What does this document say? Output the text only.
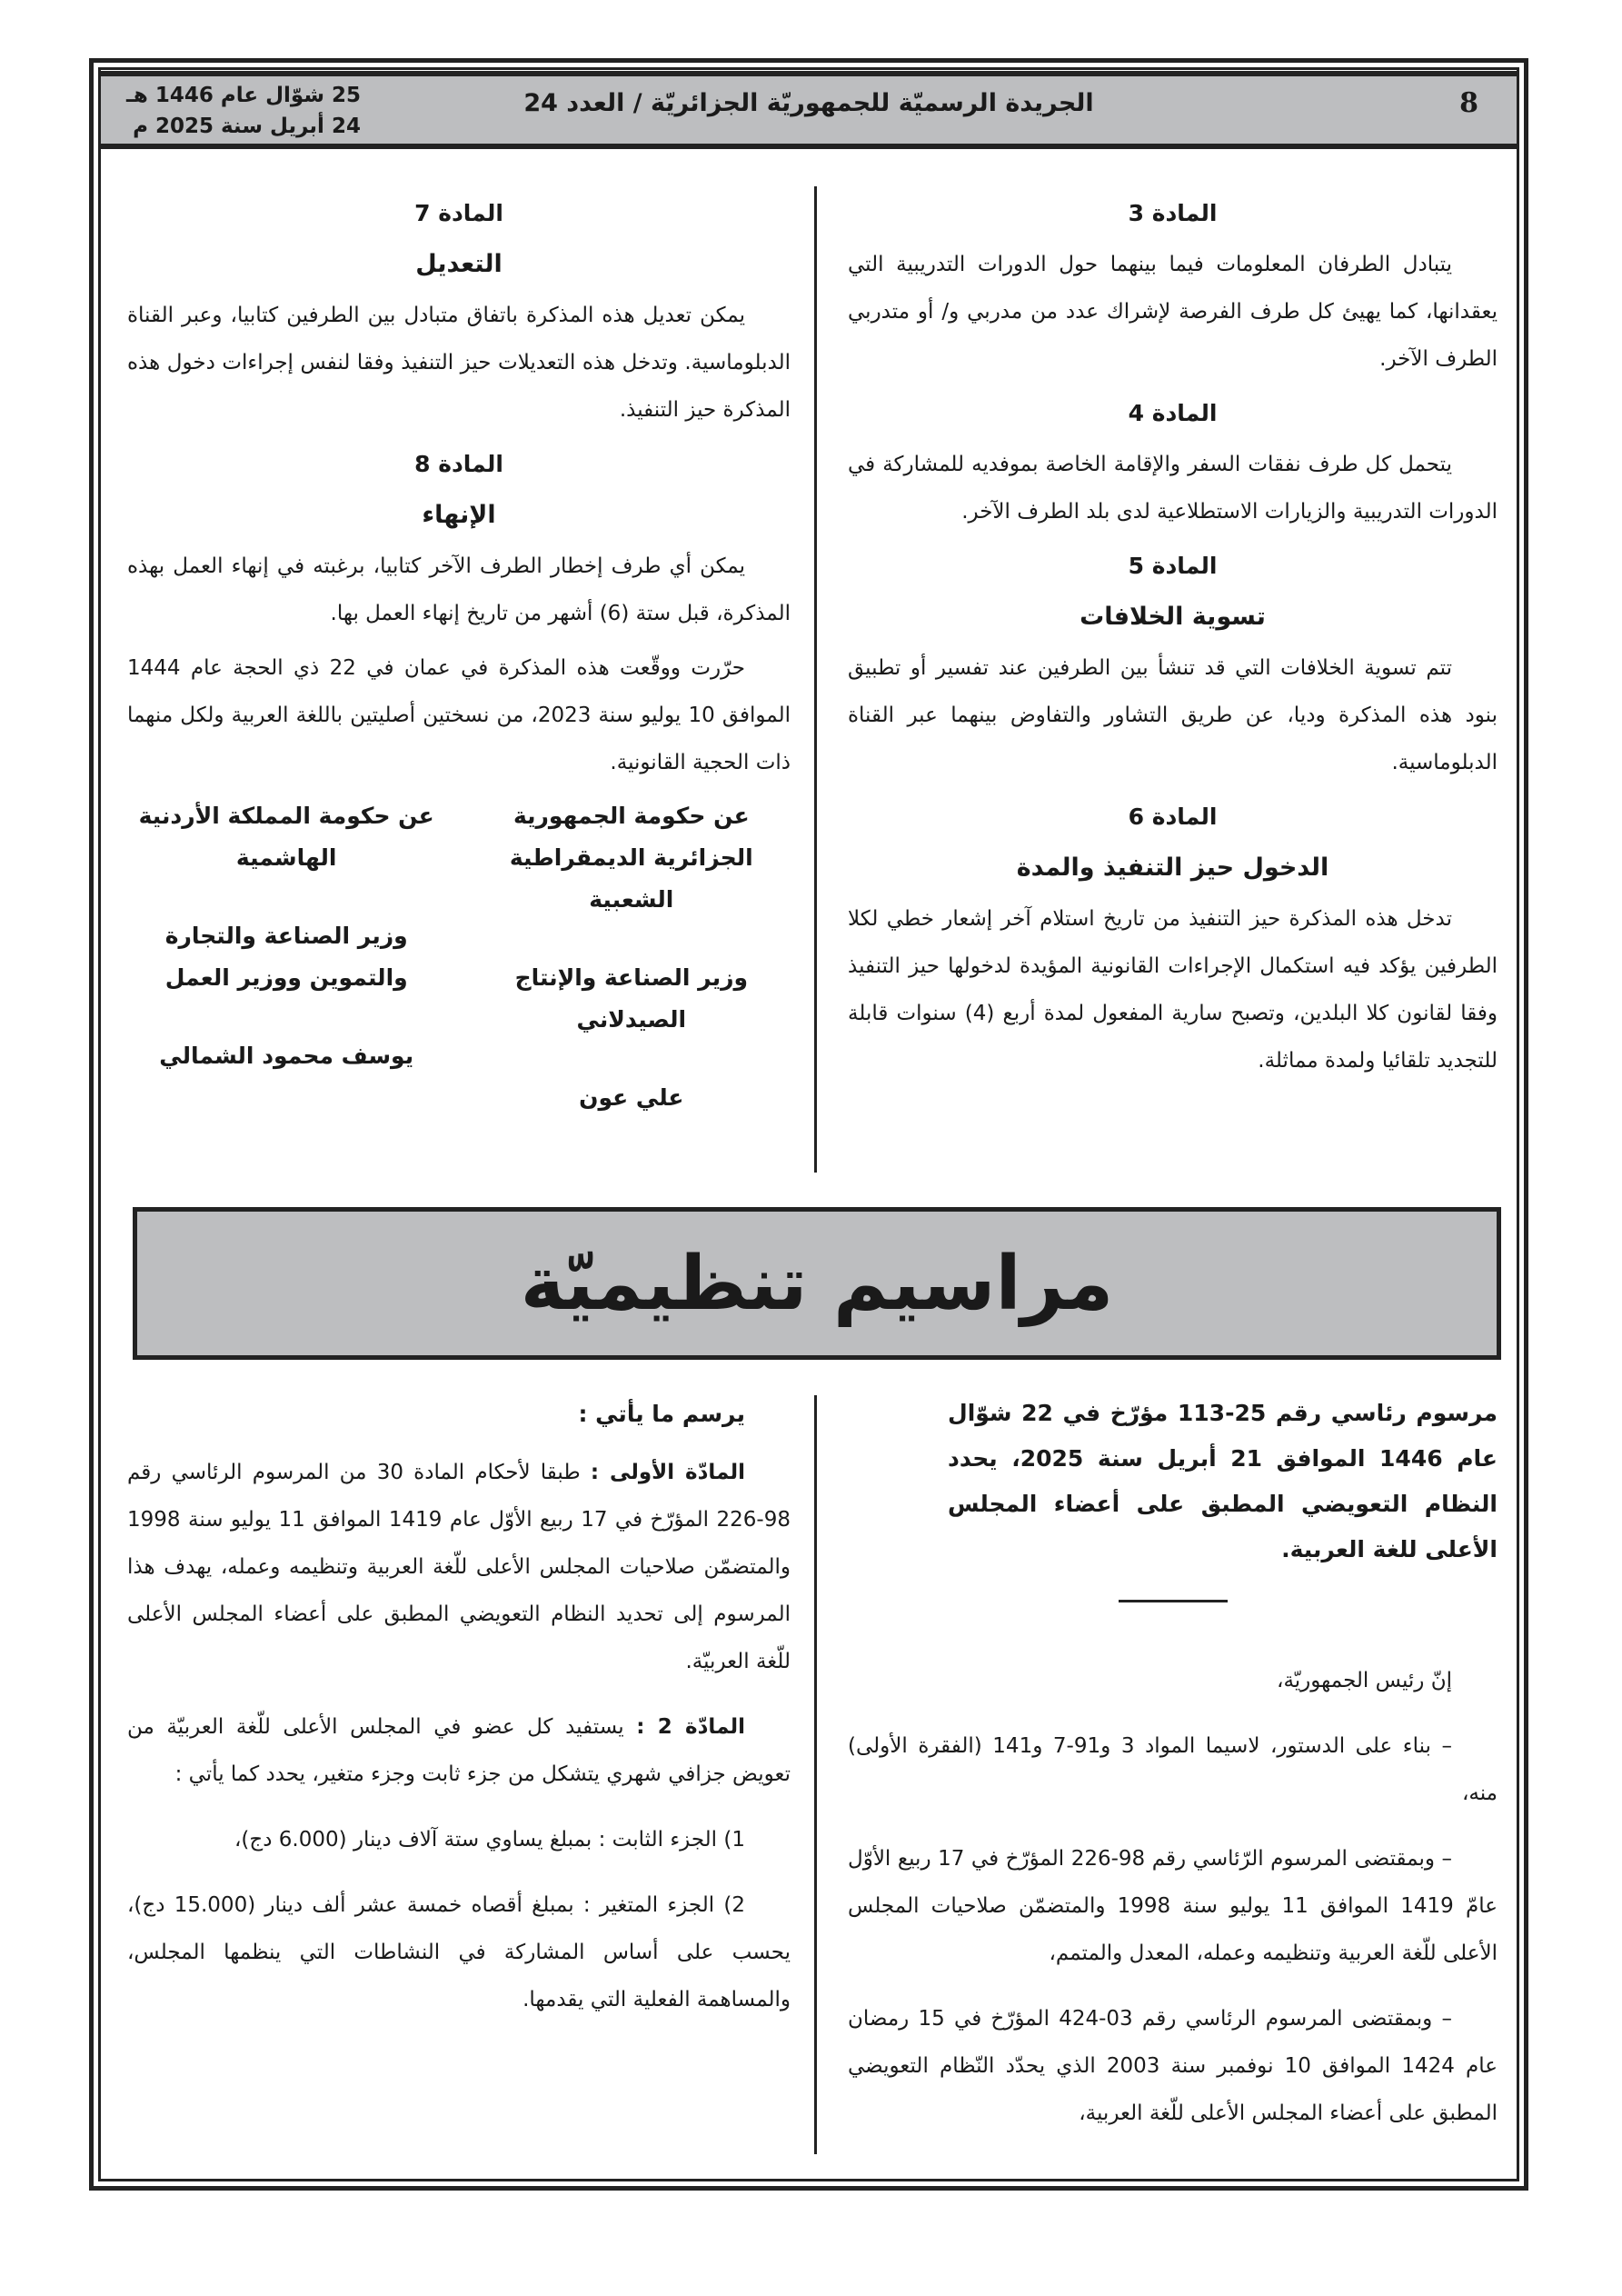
8
الجريدة الرسميّة للجمهوريّة الجزائريّة / العدد 24
25 شوّال عام 1446 هـ
24 أبريل سنة 2025 م
المادة 3

يتبادل الطرفان المعلومات فيما بينهما حول الدورات التدريبية التي يعقدانها، كما يهيئ كل طرف الفرصة لإشراك عدد من مدربي و/ أو متدربي الطرف الآخر.

المادة 4

يتحمل كل طرف نفقات السفر والإقامة الخاصة بموفديه للمشاركة في الدورات التدريبية والزيارات الاستطلاعية لدى بلد الطرف الآخر.

المادة 5
تسوية الخلافات

تتم تسوية الخلافات التي قد تنشأ بين الطرفين عند تفسير أو تطبيق بنود هذه المذكرة وديا، عن طريق التشاور والتفاوض بينهما عبر القناة الدبلوماسية.

المادة 6
الدخول حيز التنفيذ والمدة

تدخل هذه المذكرة حيز التنفيذ من تاريخ استلام آخر إشعار خطي لكلا الطرفين يؤكد فيه استكمال الإجراءات القانونية المؤيدة لدخولها حيز التنفيذ وفقا لقانون كلا البلدين، وتصبح سارية المفعول لمدة أربع (4) سنوات قابلة للتجديد تلقائيا ولمدة مماثلة.

المادة 7
التعديل

يمكن تعديل هذه المذكرة باتفاق متبادل بين الطرفين كتابيا، وعبر القناة الدبلوماسية. وتدخل هذه التعديلات حيز التنفيذ وفقا لنفس إجراءات دخول هذه المذكرة حيز التنفيذ.

المادة 8
الإنهاء

يمكن أي طرف إخطار الطرف الآخر كتابيا، برغبته في إنهاء العمل بهذه المذكرة، قبل ستة (6) أشهر من تاريخ إنهاء العمل بها.

حرّرت ووقّعت هذه المذكرة في عمان في 22 ذي الحجة عام 1444 الموافق 10 يوليو سنة 2023، من نسختين أصليتين باللغة العربية ولكل منهما ذات الحجية القانونية.

عن حكومة الجمهورية الجزائرية الديمقراطية الشعبية
وزير الصناعة والإنتاج الصيدلاني
علي عون
عن حكومة المملكة الأردنية الهاشمية
وزير الصناعة والتجارة والتموين ووزير العمل
يوسف محمود الشمالي
مراسيم تنظيميّة
مرسوم رئاسي رقم 25-113 مؤرّخ في 22 شوّال عام 1446 الموافق 21 أبريل سنة 2025، يحدد النظام التعويضي المطبق على أعضاء المجلس الأعلى للغة العربية.

إنّ رئيس الجمهوريّة،

– بناء على الدستور، لاسيما المواد 3 و91-7 و141 (الفقرة الأولى) منه،

– وبمقتضى المرسوم الرّئاسي رقم 98-226 المؤرّخ في 17 ربيع الأوّل عامّ 1419 الموافق 11 يوليو سنة 1998 والمتضمّن صلاحيات المجلس الأعلى للّغة العربية وتنظيمه وعمله، المعدل والمتمم،

– وبمقتضى المرسوم الرئاسي رقم 03-424 المؤرّخ في 15 رمضان عام 1424 الموافق 10 نوفمبر سنة 2003 الذي يحدّد النّظام التعويضي المطبق على أعضاء المجلس الأعلى للّغة العربية،

يرسم ما يأتي :

المادّة الأولى : طبقا لأحكام المادة 30 من المرسوم الرئاسي رقم 98-226 المؤرّخ في 17 ربيع الأوّل عام 1419 الموافق 11 يوليو سنة 1998 والمتضمّن صلاحيات المجلس الأعلى للّغة العربية وتنظيمه وعمله، يهدف هذا المرسوم إلى تحديد النظام التعويضي المطبق على أعضاء المجلس الأعلى للّغة العربيّة.

المادّة 2 : يستفيد كل عضو في المجلس الأعلى للّغة العربيّة من تعويض جزافي شهري يتشكل من جزء ثابت وجزء متغير، يحدد كما يأتي :

1) الجزء الثابت : بمبلغ يساوي ستة آلاف دينار (6.000 دج)،

2) الجزء المتغير : بمبلغ أقصاه خمسة عشر ألف دينار (15.000 دج)، يحسب على أساس المشاركة في النشاطات التي ينظمها المجلس، والمساهمة الفعلية التي يقدمها.
